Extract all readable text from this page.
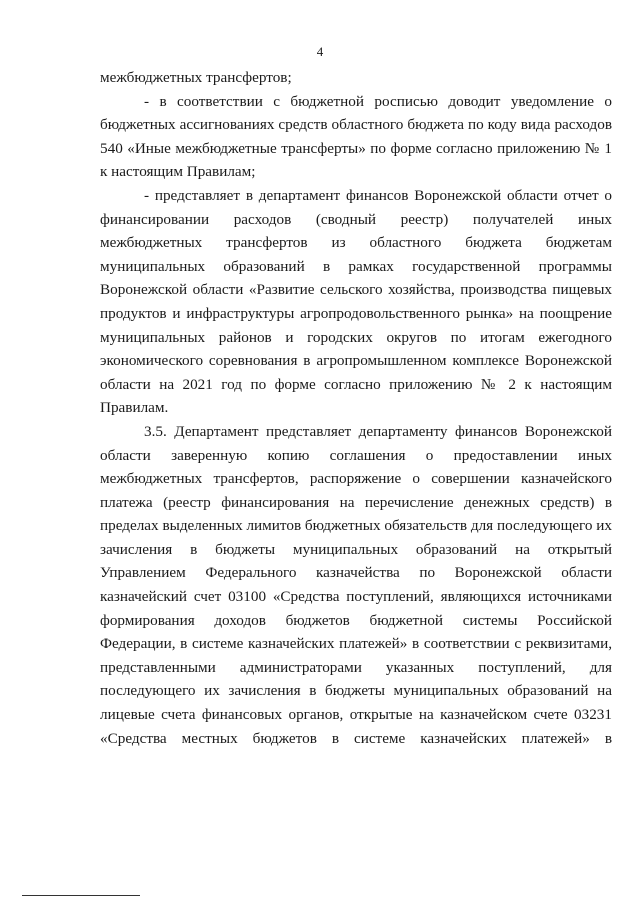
4

межбюджетных трансфертов;

- в соответствии с бюджетной росписью доводит уведомление о бюджетных ассигнованиях средств областного бюджета по коду вида расходов 540 «Иные межбюджетные трансферты» по форме согласно приложению № 1 к настоящим Правилам;

- представляет в департамент финансов Воронежской области отчет о финансировании расходов (сводный реестр) получателей иных межбюджетных трансфертов из областного бюджета бюджетам муниципальных образований в рамках государственной программы Воронежской области «Развитие сельского хозяйства, производства пищевых продуктов и инфраструктуры агропродовольственного рынка» на поощрение муниципальных районов и городских округов по итогам ежегодного экономического соревнования в агропромышленном комплексе Воронежской области на 2021 год по форме согласно приложению № 2 к настоящим Правилам.

3.5. Департамент представляет департаменту финансов Воронежской области заверенную копию соглашения о предоставлении иных межбюджетных трансфертов, распоряжение о совершении казначейского платежа (реестр финансирования на перечисление денежных средств) в пределах выделенных лимитов бюджетных обязательств для последующего их зачисления в бюджеты муниципальных образований на открытый Управлением Федерального казначейства по Воронежской области казначейский счет 03100 «Средства поступлений, являющихся источниками формирования доходов бюджетов бюджетной системы Российской Федерации, в системе казначейских платежей» в соответствии с реквизитами, представленными администраторами указанных поступлений, для последующего их зачисления в бюджеты муниципальных образований на лицевые счета финансовых органов, открытые на казначейском счете 03231 «Средства местных бюджетов в системе казначейских платежей» в
